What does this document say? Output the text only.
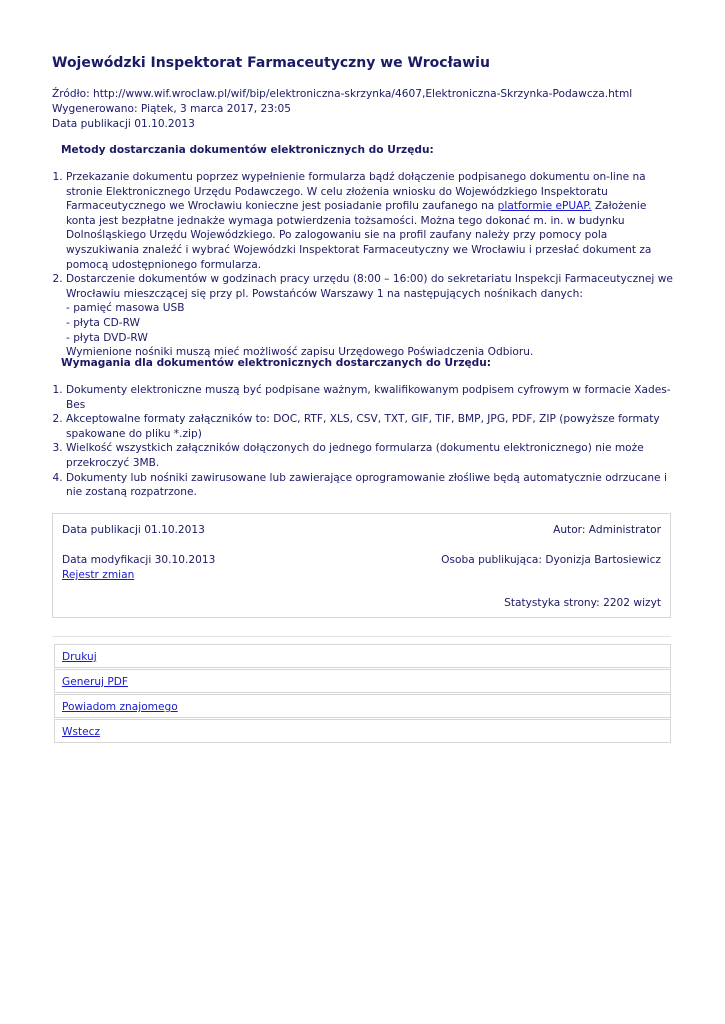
Wojewódzki Inspektorat Farmaceutyczny we Wrocławiu
Źródło: http://www.wif.wroclaw.pl/wif/bip/elektroniczna-skrzynka/4607,Elektroniczna-Skrzynka-Podawcza.html
Wygenerowano: Piątek, 3 marca 2017, 23:05
Data publikacji 01.10.2013
Metody dostarczania dokumentów elektronicznych do Urzędu:
1. Przekazanie dokumentu poprzez wypełnienie formularza bądź dołączenie podpisanego dokumentu on-line na stronie Elektronicznego Urzędu Podawczego. W celu złożenia wniosku do Wojewódzkiego Inspektoratu Farmaceutycznego we Wrocławiu konieczne jest posiadanie profilu zaufanego na platformie ePUAP. Założenie konta jest bezpłatne jednakże wymaga potwierdzenia tożsamości. Można tego dokonać m. in. w budynku Dolnośląskiego Urzędu Wojewódzkiego. Po zalogowaniu sie na profil zaufany należy przy pomocy pola wyszukiwania znaleźć i wybrać Wojewódzki Inspektorat Farmaceutyczny we Wrocławiu i przesłać dokument za pomocą udostępnionego formularza.

2. Dostarczenie dokumentów w godzinach pracy urzędu (8:00 – 16:00) do sekretariatu Inspekcji Farmaceutycznej we Wrocławiu mieszczącej się przy pl. Powstańców Warszawy 1 na następujących nośnikach danych:

- pamięć masowa USB

- płyta CD-RW

- płyta DVD-RW

Wymienione nośniki muszą mieć możliwość zapisu Urzędowego Poświadczenia Odbioru.

Wymagania dla dokumentów elektronicznych dostarczanych do Urzędu:
1. Dokumenty elektroniczne muszą być podpisane ważnym, kwalifikowanym podpisem cyfrowym w formacie Xades-Bes
2. Akceptowalne formaty załączników to: DOC, RTF, XLS, CSV, TXT, GIF, TIF, BMP, JPG, PDF, ZIP (powyższe formaty spakowane do pliku *.zip)
3. Wielkość wszystkich załączników dołączonych do jednego formularza (dokumentu elektronicznego) nie może przekroczyć 3MB.
4. Dokumenty lub nośniki zawirusowane lub zawierające oprogramowanie złośliwe będą automatycznie odrzucane i nie zostaną rozpatrzone.
Data publikacji 01.10.2013	Autor: Administrator
Data modyfikacji 30.10.2013	Osoba publikująca: Dyonizja Bartosiewicz
Rejestr zmian
Statystyka strony: 2202 wizyt
Drukuj
Generuj PDF
Powiadom znajomego
Wstecz
